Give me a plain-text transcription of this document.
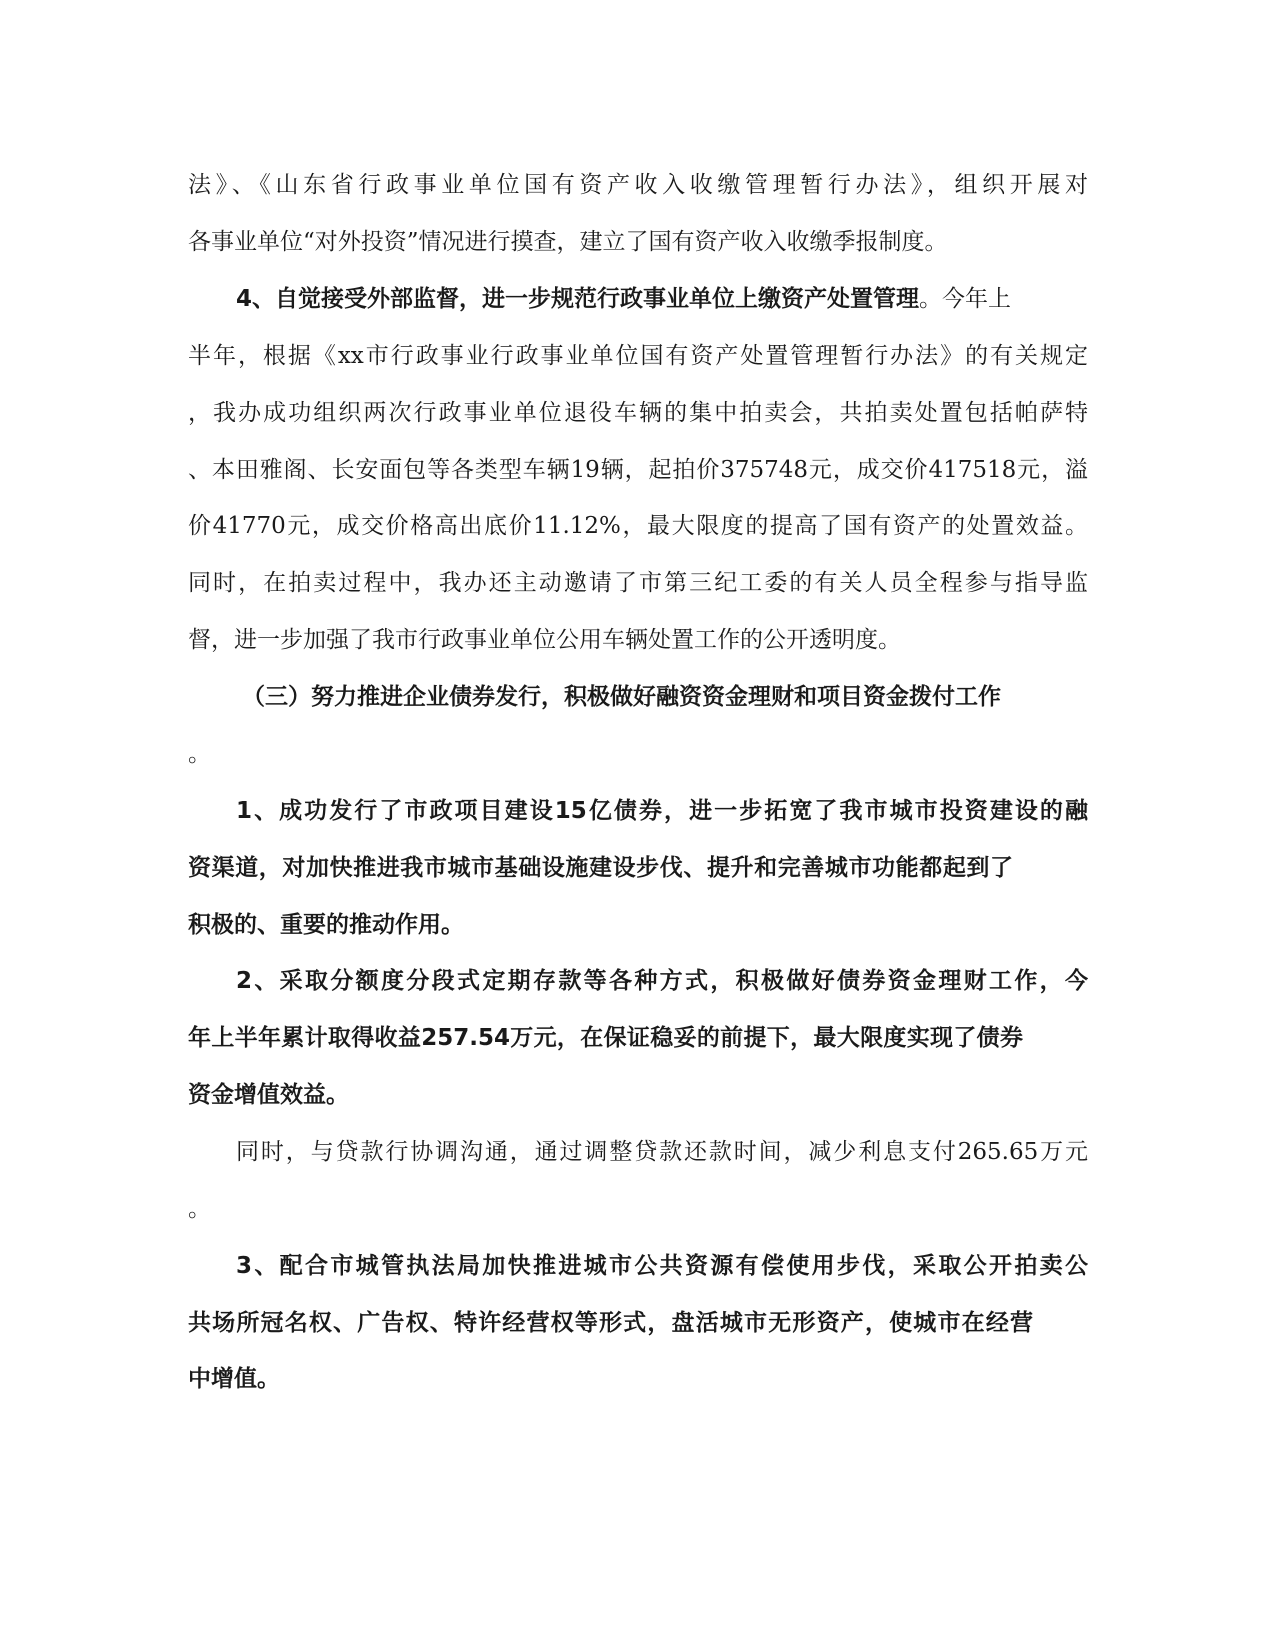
法》、《山东省行政事业单位国有资产收入收缴管理暂行办法》，组织开展对
各事业单位“对外投资”情况进行摸查，建立了国有资产收入收缴季报制度。
4、自觉接受外部监督，进一步规范行政事业单位上缴资产处置管理。今年上
半年，根据《xx市行政事业行政事业单位国有资产处置管理暂行办法》的有关规定
，我办成功组织两次行政事业单位退役车辆的集中拍卖会，共拍卖处置包括帕萨特
、本田雅阁、长安面包等各类型车辆19辆，起拍价375748元，成交价417518元，溢
价41770元，成交价格高出底价11.12%，最大限度的提高了国有资产的处置效益。
同时，在拍卖过程中，我办还主动邀请了市第三纪工委的有关人员全程参与指导监
督，进一步加强了我市行政事业单位公用车辆处置工作的公开透明度。
（三）努力推进企业债券发行，积极做好融资资金理财和项目资金拨付工作
。
1、成功发行了市政项目建设15亿债券，进一步拓宽了我市城市投资建设的融
资渠道，对加快推进我市城市基础设施建设步伐、提升和完善城市功能都起到了
积极的、重要的推动作用。
2、采取分额度分段式定期存款等各种方式，积极做好债券资金理财工作，今
年上半年累计取得收益257.54万元，在保证稳妥的前提下，最大限度实现了债券
资金增值效益。
同时，与贷款行协调沟通，通过调整贷款还款时间，减少利息支付265.65万元
。
3、配合市城管执法局加快推进城市公共资源有偿使用步伐，采取公开拍卖公
共场所冠名权、广告权、特许经营权等形式，盘活城市无形资产，使城市在经营
中增值。
